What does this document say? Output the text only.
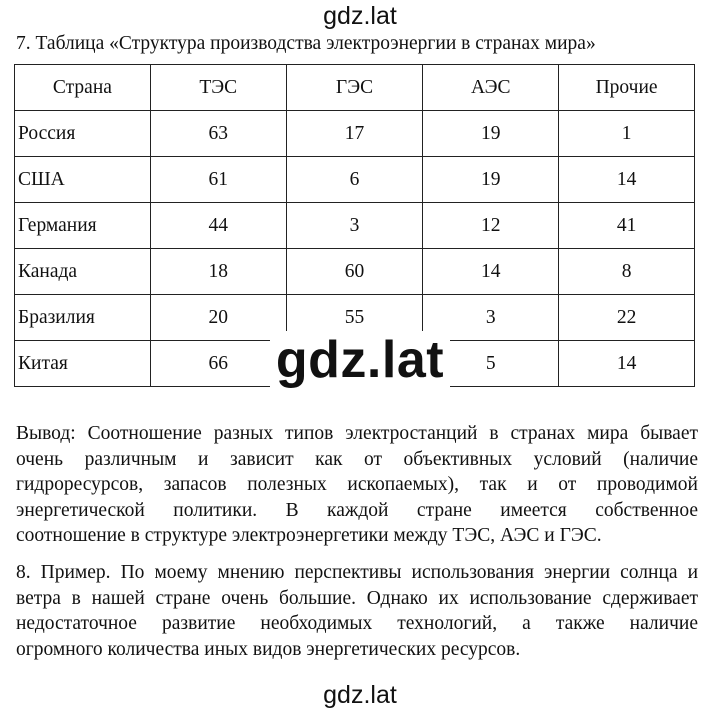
gdz.lat
7. Таблица «Структура производства электроэнергии в странах мира»
Страна	ТЭС	ГЭС	АЭС	Прочие
Россия	63	17	19	1
США	61	6	19	14
Германия	44	3	12	41
Канада	18	60	14	8
Бразилия	20	55	3	22
Китая	66		5	14
gdz.lat
Вывод: Соотношение разных типов электростанций в странах мира бывает
очень различным и зависит как от объективных условий (наличие
гидроресурсов, запасов полезных ископаемых), так и от проводимой
энергетической политики. В каждой стране имеется собственное
соотношение в структуре электроэнергетики между ТЭС, АЭС и ГЭС.
8. Пример. По моему мнению перспективы использования энергии солнца и
ветра в нашей стране очень большие. Однако их использование сдерживает
недостаточное развитие необходимых технологий, а также наличие
огромного количества иных видов энергетических ресурсов.
gdz.lat
